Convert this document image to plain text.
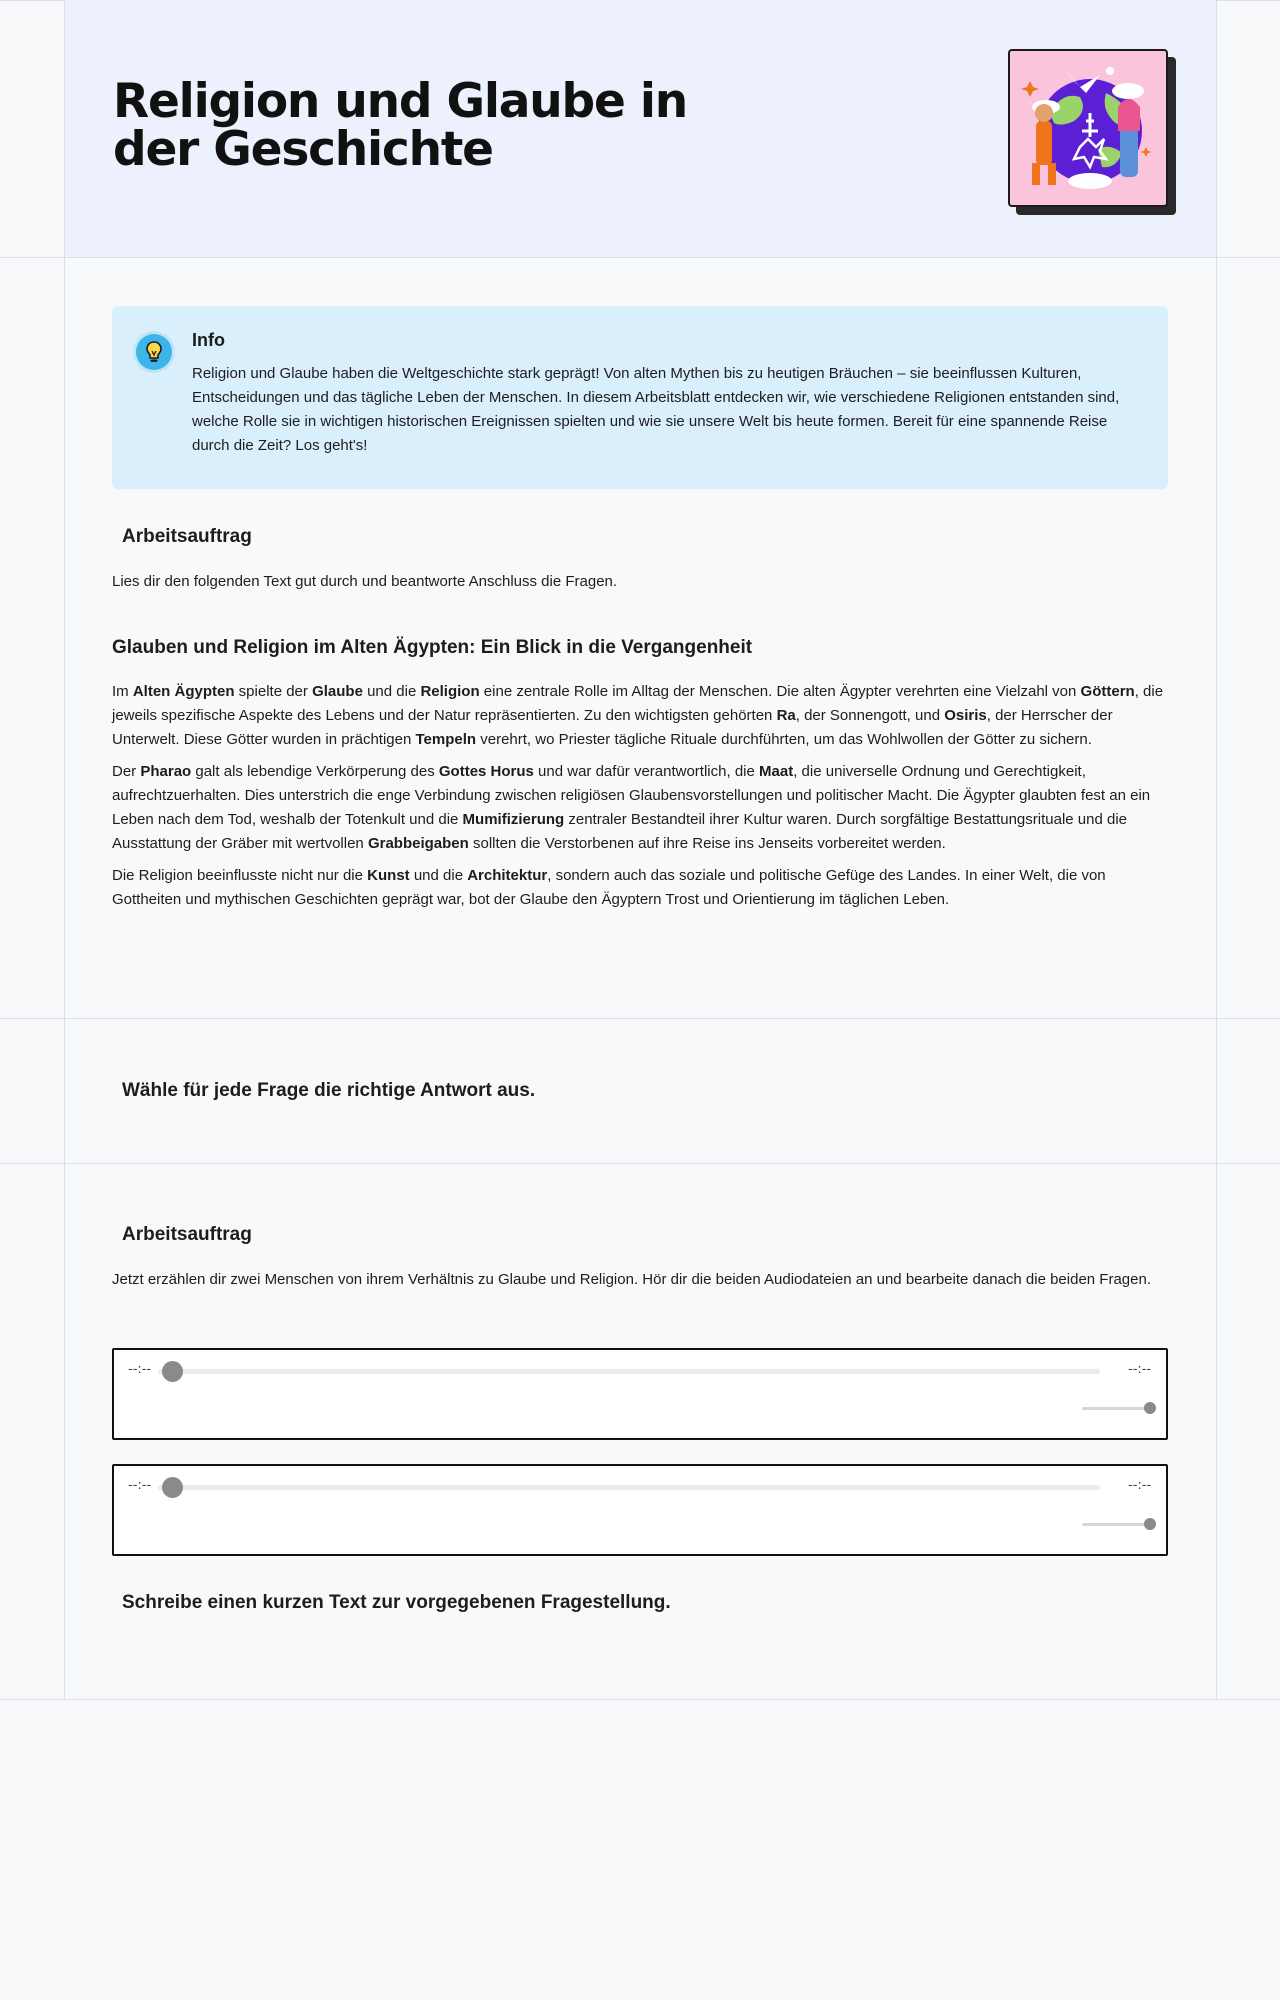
Religion und Glaube in der Geschichte
Info
Religion und Glaube haben die Weltgeschichte stark geprägt! Von alten Mythen bis zu heutigen Bräuchen – sie beeinflussen Kulturen, Entscheidungen und das tägliche Leben der Menschen. In diesem Arbeitsblatt entdecken wir, wie verschiedene Religionen entstanden sind, welche Rolle sie in wichtigen historischen Ereignissen spielten und wie sie unsere Welt bis heute formen. Bereit für eine spannende Reise durch die Zeit? Los geht's!
Arbeitsauftrag

Lies dir den folgenden Text gut durch und beantworte Anschluss die Fragen.

Glauben und Religion im Alten Ägypten: Ein Blick in die Vergangenheit

Im Alten Ägypten spielte der Glaube und die Religion eine zentrale Rolle im Alltag der Menschen. Die alten Ägypter verehrten eine Vielzahl von Göttern, die jeweils spezifische Aspekte des Lebens und der Natur repräsentierten. Zu den wichtigsten gehörten Ra, der Sonnengott, und Osiris, der Herrscher der Unterwelt. Diese Götter wurden in prächtigen Tempeln verehrt, wo Priester tägliche Rituale durchführten, um das Wohlwollen der Götter zu sichern.

Der Pharao galt als lebendige Verkörperung des Gottes Horus und war dafür verantwortlich, die Maat, die universelle Ordnung und Gerechtigkeit, aufrechtzuerhalten. Dies unterstrich die enge Verbindung zwischen religiösen Glaubensvorstellungen und politischer Macht. Die Ägypter glaubten fest an ein Leben nach dem Tod, weshalb der Totenkult und die Mumifizierung zentraler Bestandteil ihrer Kultur waren. Durch sorgfältige Bestattungsrituale und die Ausstattung der Gräber mit wertvollen Grabbeigaben sollten die Verstorbenen auf ihre Reise ins Jenseits vorbereitet werden.

Die Religion beeinflusste nicht nur die Kunst und die Architektur, sondern auch das soziale und politische Gefüge des Landes. In einer Welt, die von Gottheiten und mythischen Geschichten geprägt war, bot der Glaube den Ägyptern Trost und Orientierung im täglichen Leben.

Wähle für jede Frage die richtige Antwort aus.
Arbeitsauftrag

Jetzt erzählen dir zwei Menschen von ihrem Verhältnis zu Glaube und Religion. Hör dir die beiden Audiodateien an und bearbeite danach die beiden Fragen.

--:--	--:--
--:--	--:--
Schreibe einen kurzen Text zur vorgegebenen Fragestellung.
